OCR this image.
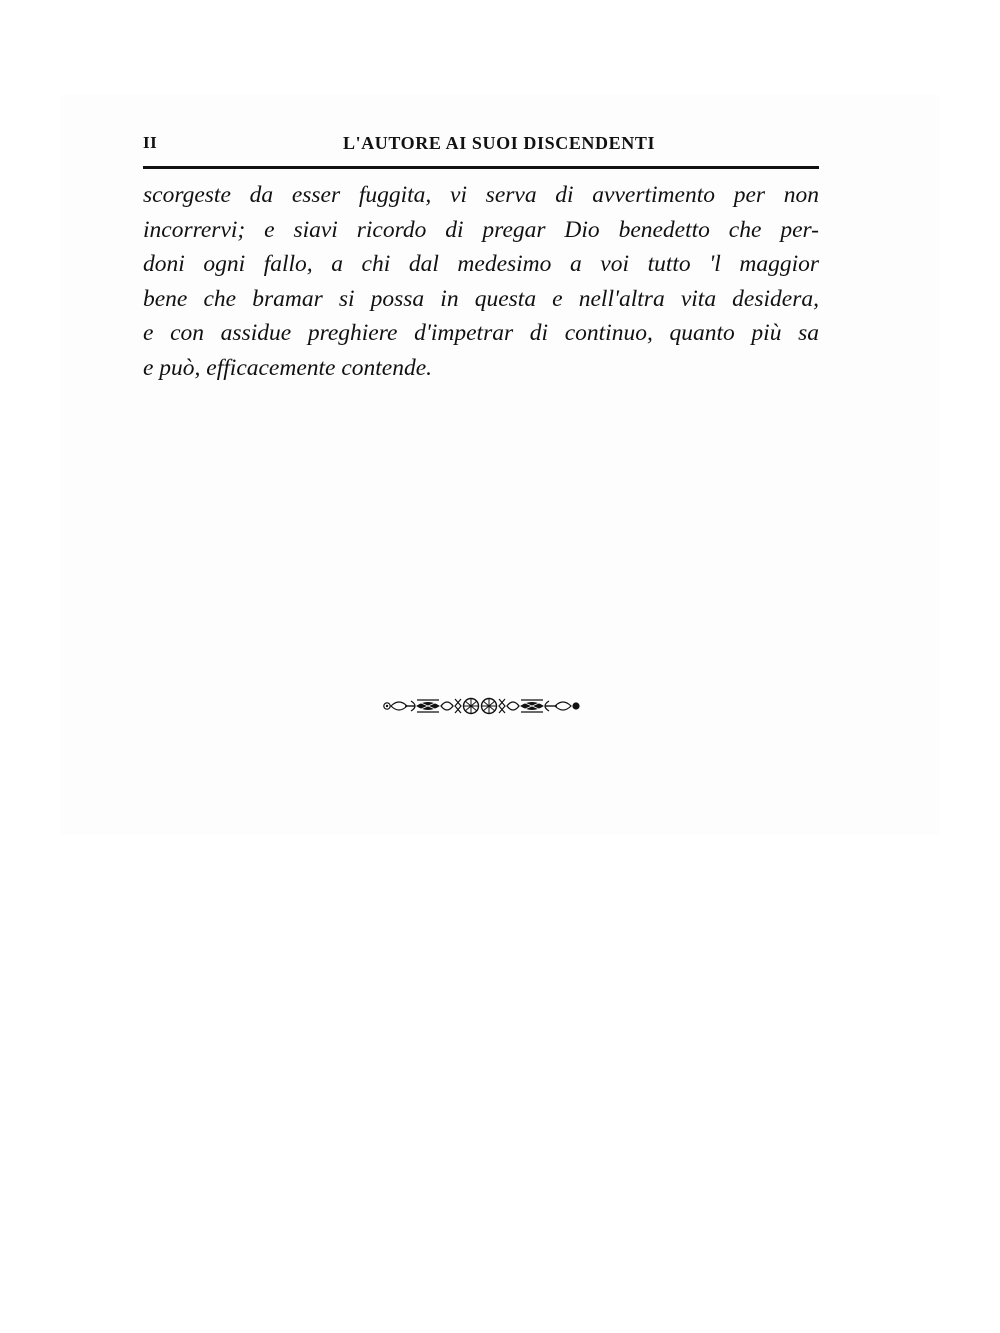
II	L'AUTORE AI SUOI DISCENDENTI
scorgeste da esser fuggita, vi serva di avvertimento per non
incorrervi; e siavi ricordo di pregar Dio benedetto che per-
doni ogni fallo, a chi dal medesimo a voi tutto 'l maggior
bene che bramar si possa in questa e nell'altra vita desidera,
e con assidue preghiere d'impetrar di continuo, quanto più sa
e può, efficacemente contende.
